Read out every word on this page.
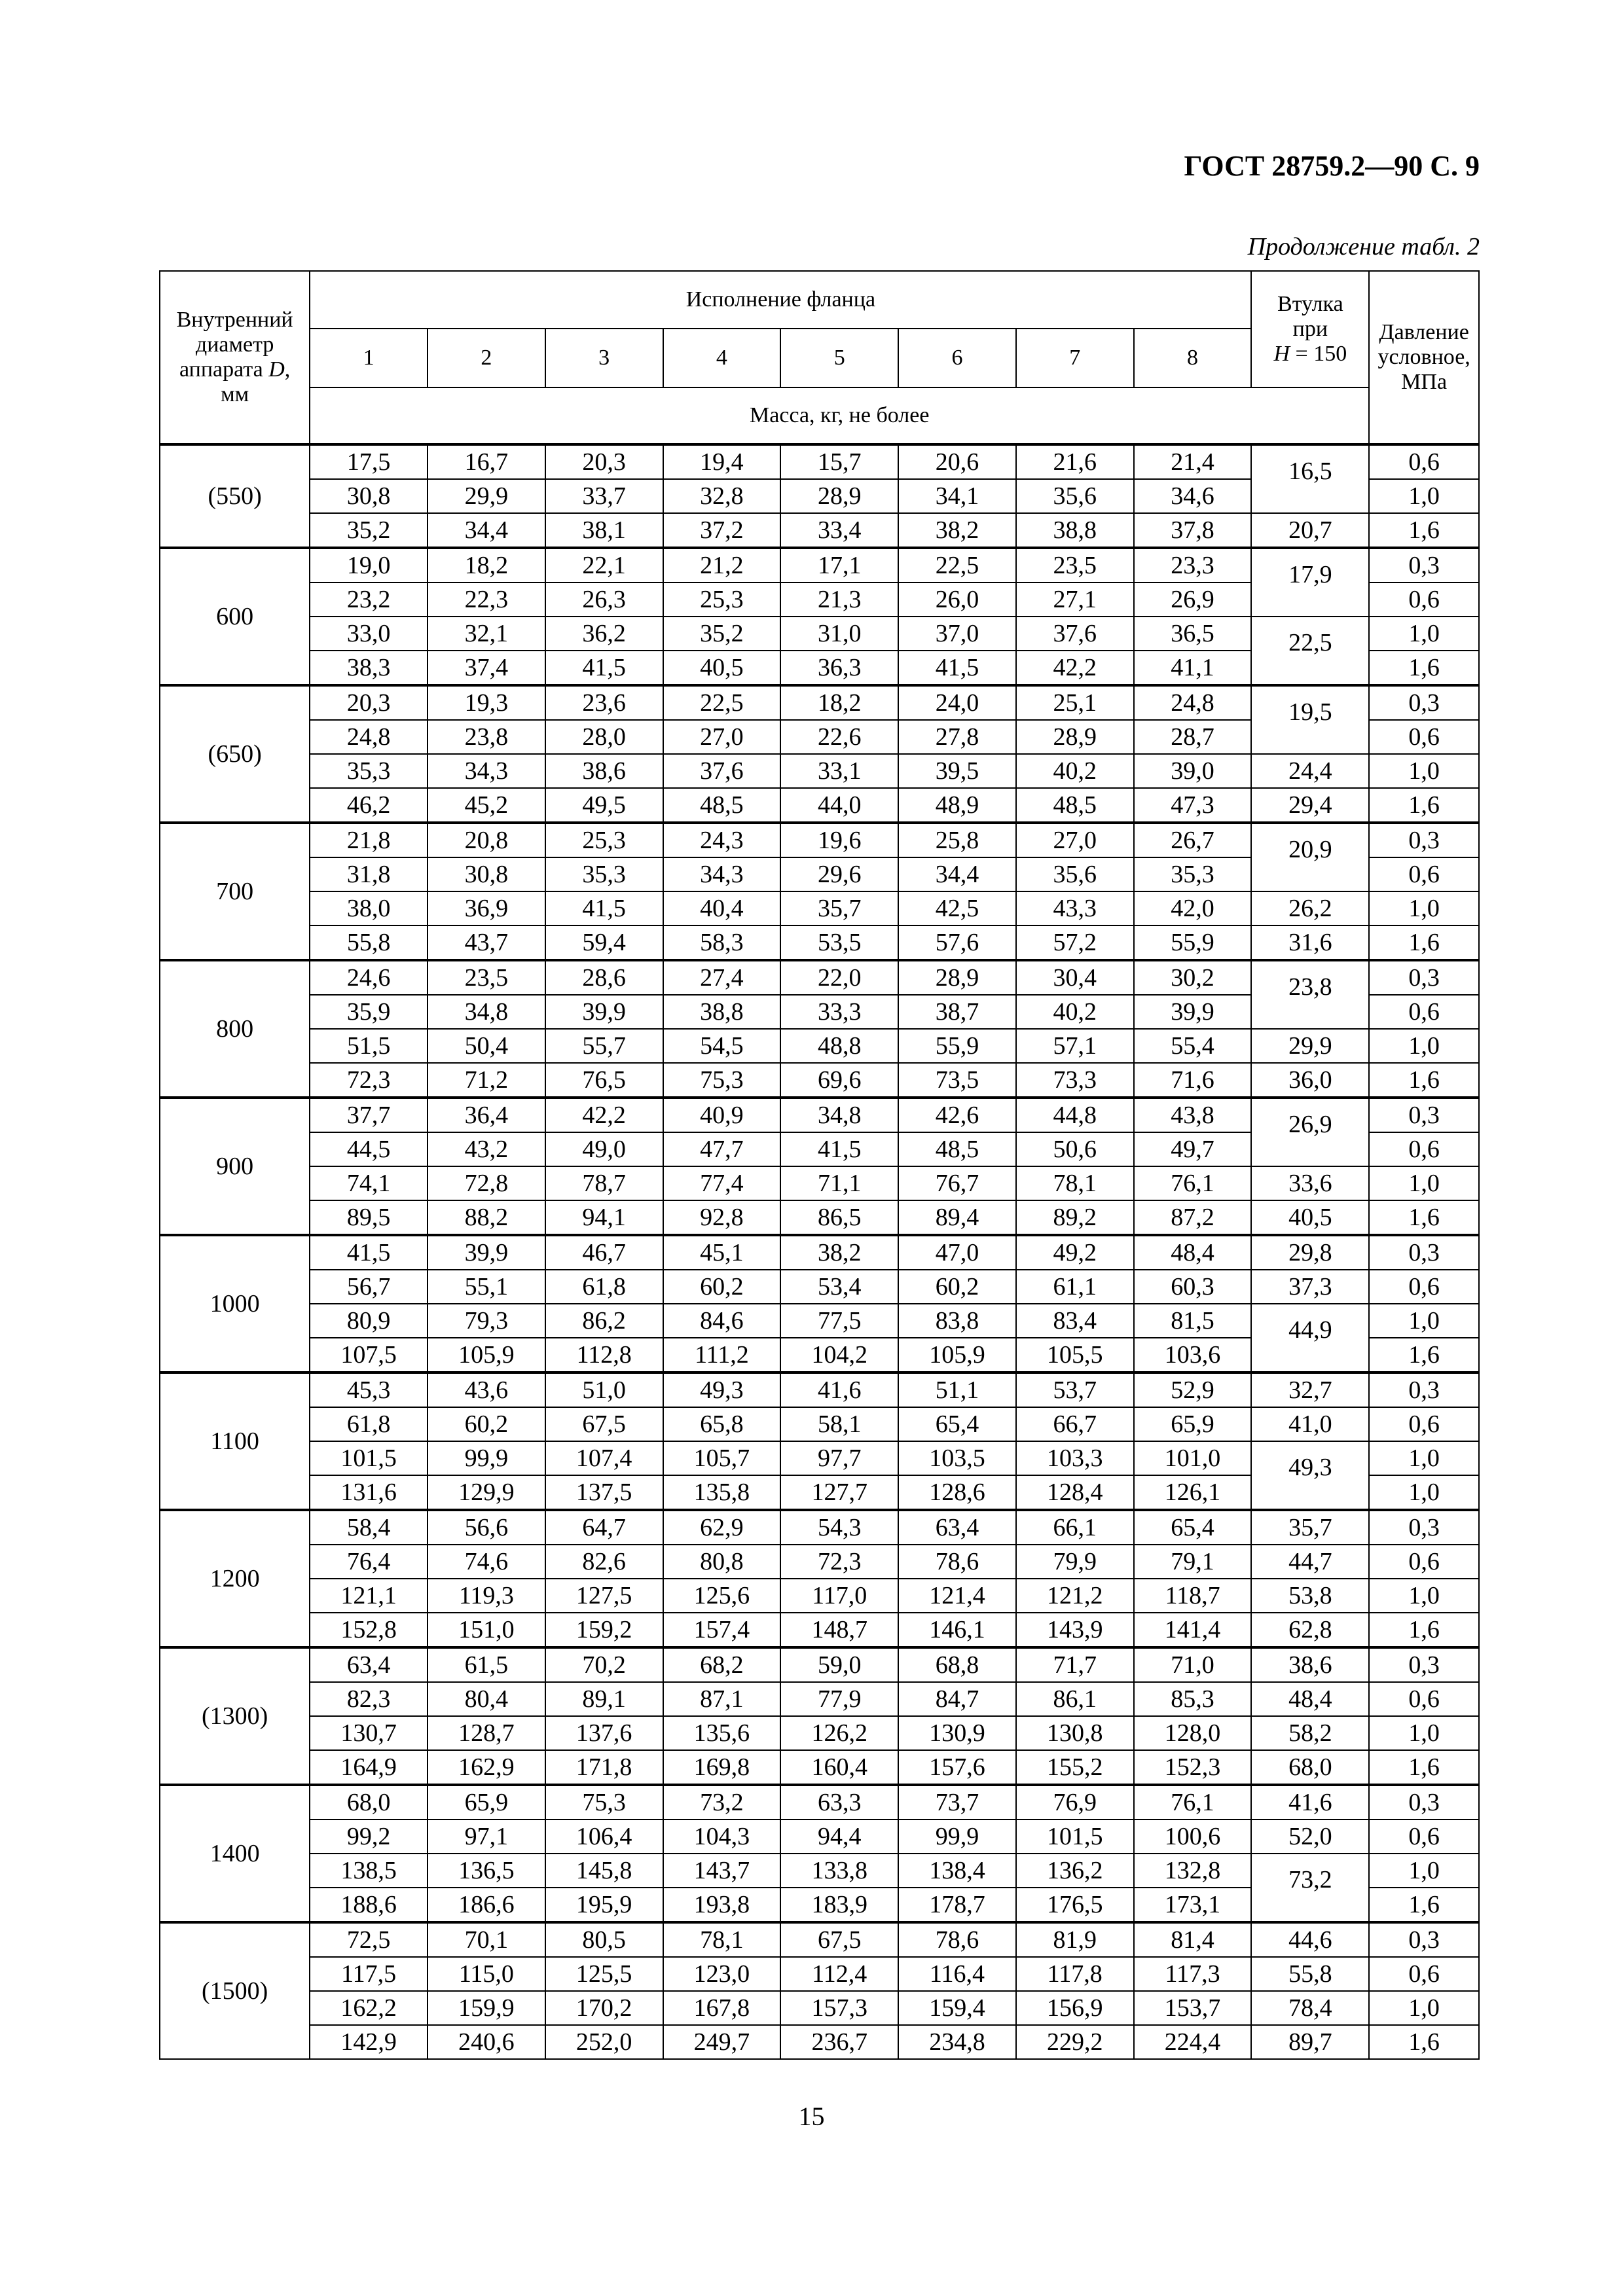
ГОСТ 28759.2—90 С. 9
Продолжение табл. 2
Внутренний
диаметр
аппарата D,
мм	Исполнение фланца								Втулка
при
H = 150	Давление
условное,
МПа
	1	2	3	4	5	6	7	8		
	Масса, кг, не более									
(550)	17,5	16,7	20,3	19,4	15,7	20,6	21,6	21,4	16,5	0,6
	30,8	29,9	33,7	32,8	28,9	34,1	35,6	34,6		1,0
	35,2	34,4	38,1	37,2	33,4	38,2	38,8	37,8	20,7	1,6
600	19,0	18,2	22,1	21,2	17,1	22,5	23,5	23,3	17,9	0,3
	23,2	22,3	26,3	25,3	21,3	26,0	27,1	26,9		0,6
	33,0	32,1	36,2	35,2	31,0	37,0	37,6	36,5	22,5	1,0
	38,3	37,4	41,5	40,5	36,3	41,5	42,2	41,1		1,6
(650)	20,3	19,3	23,6	22,5	18,2	24,0	25,1	24,8	19,5	0,3
	24,8	23,8	28,0	27,0	22,6	27,8	28,9	28,7		0,6
	35,3	34,3	38,6	37,6	33,1	39,5	40,2	39,0	24,4	1,0
	46,2	45,2	49,5	48,5	44,0	48,9	48,5	47,3	29,4	1,6
700	21,8	20,8	25,3	24,3	19,6	25,8	27,0	26,7	20,9	0,3
	31,8	30,8	35,3	34,3	29,6	34,4	35,6	35,3		0,6
	38,0	36,9	41,5	40,4	35,7	42,5	43,3	42,0	26,2	1,0
	55,8	43,7	59,4	58,3	53,5	57,6	57,2	55,9	31,6	1,6
800	24,6	23,5	28,6	27,4	22,0	28,9	30,4	30,2	23,8	0,3
	35,9	34,8	39,9	38,8	33,3	38,7	40,2	39,9		0,6
	51,5	50,4	55,7	54,5	48,8	55,9	57,1	55,4	29,9	1,0
	72,3	71,2	76,5	75,3	69,6	73,5	73,3	71,6	36,0	1,6
900	37,7	36,4	42,2	40,9	34,8	42,6	44,8	43,8	26,9	0,3
	44,5	43,2	49,0	47,7	41,5	48,5	50,6	49,7		0,6
	74,1	72,8	78,7	77,4	71,1	76,7	78,1	76,1	33,6	1,0
	89,5	88,2	94,1	92,8	86,5	89,4	89,2	87,2	40,5	1,6
1000	41,5	39,9	46,7	45,1	38,2	47,0	49,2	48,4	29,8	0,3
	56,7	55,1	61,8	60,2	53,4	60,2	61,1	60,3	37,3	0,6
	80,9	79,3	86,2	84,6	77,5	83,8	83,4	81,5	44,9	1,0
	107,5	105,9	112,8	111,2	104,2	105,9	105,5	103,6		1,6
1100	45,3	43,6	51,0	49,3	41,6	51,1	53,7	52,9	32,7	0,3
	61,8	60,2	67,5	65,8	58,1	65,4	66,7	65,9	41,0	0,6
	101,5	99,9	107,4	105,7	97,7	103,5	103,3	101,0	49,3	1,0
	131,6	129,9	137,5	135,8	127,7	128,6	128,4	126,1		1,0
1200	58,4	56,6	64,7	62,9	54,3	63,4	66,1	65,4	35,7	0,3
	76,4	74,6	82,6	80,8	72,3	78,6	79,9	79,1	44,7	0,6
	121,1	119,3	127,5	125,6	117,0	121,4	121,2	118,7	53,8	1,0
	152,8	151,0	159,2	157,4	148,7	146,1	143,9	141,4	62,8	1,6
(1300)	63,4	61,5	70,2	68,2	59,0	68,8	71,7	71,0	38,6	0,3
	82,3	80,4	89,1	87,1	77,9	84,7	86,1	85,3	48,4	0,6
	130,7	128,7	137,6	135,6	126,2	130,9	130,8	128,0	58,2	1,0
	164,9	162,9	171,8	169,8	160,4	157,6	155,2	152,3	68,0	1,6
1400	68,0	65,9	75,3	73,2	63,3	73,7	76,9	76,1	41,6	0,3
	99,2	97,1	106,4	104,3	94,4	99,9	101,5	100,6	52,0	0,6
	138,5	136,5	145,8	143,7	133,8	138,4	136,2	132,8	73,2	1,0
	188,6	186,6	195,9	193,8	183,9	178,7	176,5	173,1		1,6
(1500)	72,5	70,1	80,5	78,1	67,5	78,6	81,9	81,4	44,6	0,3
	117,5	115,0	125,5	123,0	112,4	116,4	117,8	117,3	55,8	0,6
	162,2	159,9	170,2	167,8	157,3	159,4	156,9	153,7	78,4	1,0
	142,9	240,6	252,0	249,7	236,7	234,8	229,2	224,4	89,7	1,6
15
